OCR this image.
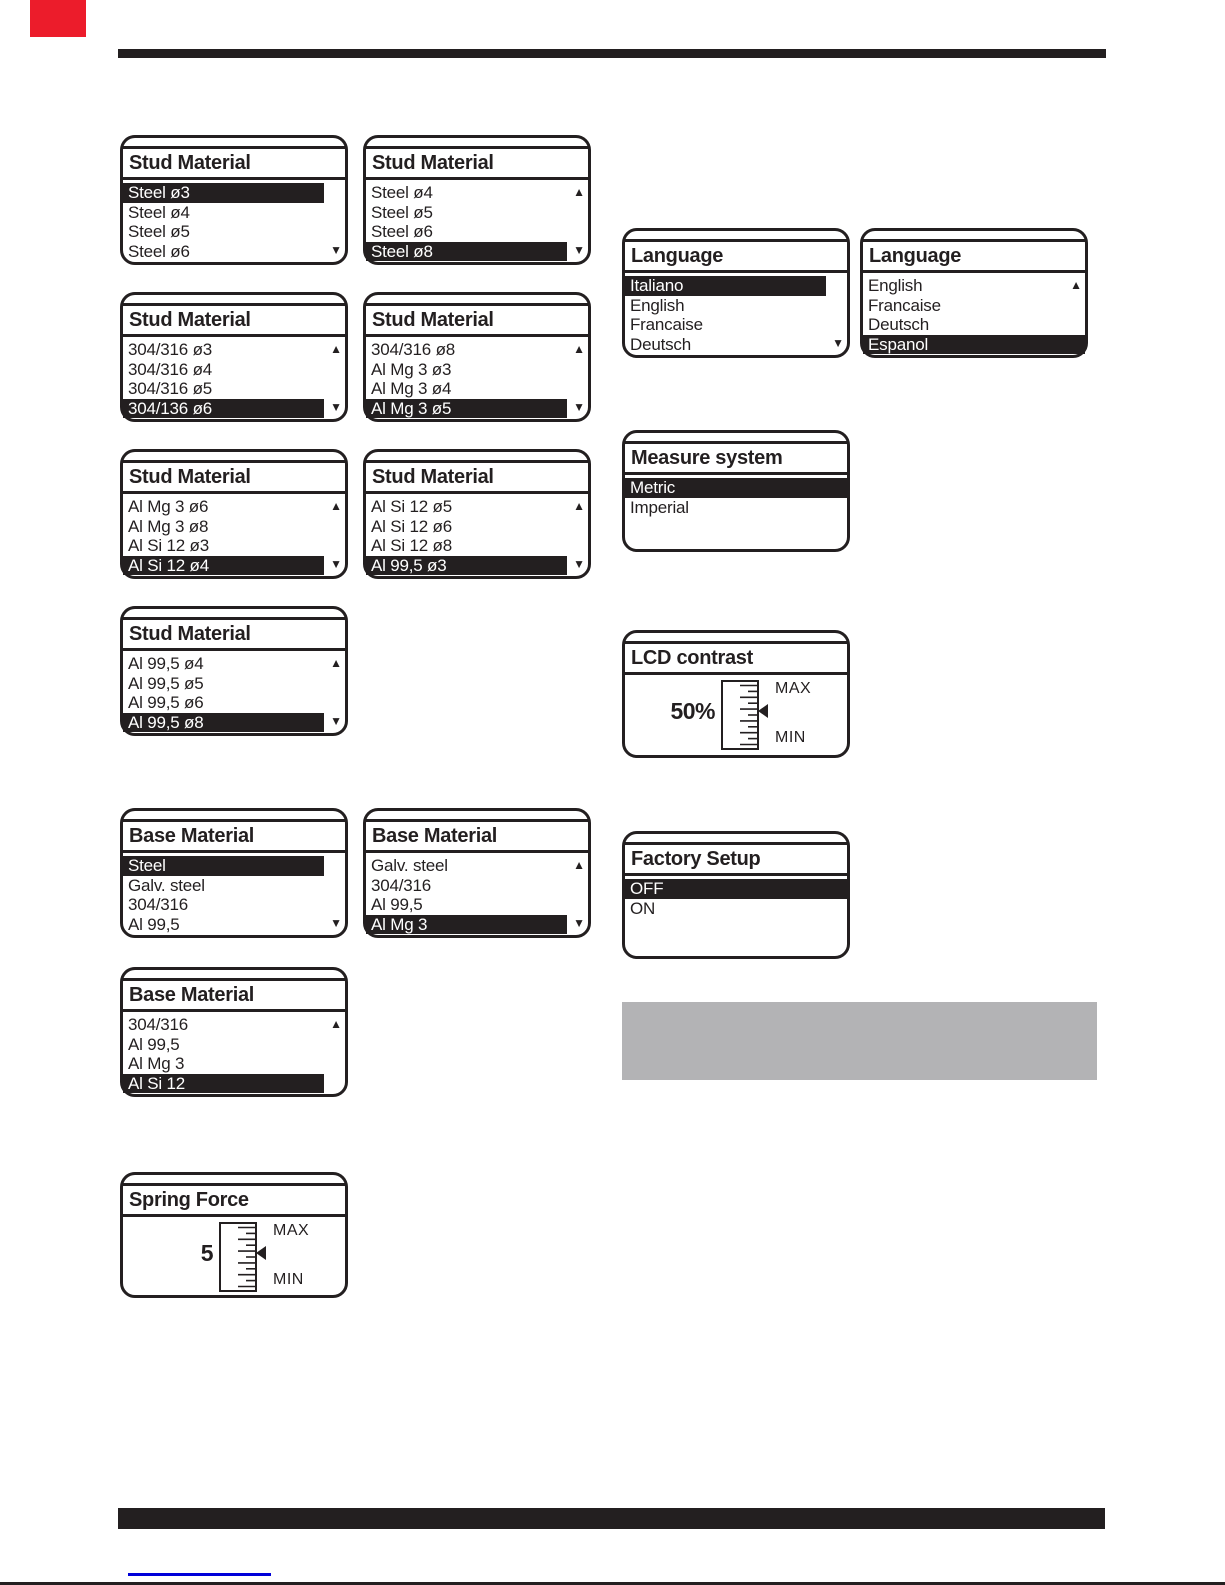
Stud Material
Steel ø3
Steel ø4
Steel ø5
Steel ø6	▼
Stud Material
Steel ø4	▲
Steel ø5
Steel ø6
Steel ø8	▼	Language
Italiano
English
Francaise
Deutsch	▼
Language
English	▲
Francaise
Deutsch
Espanol
Stud Material
304/316 ø3	▲
304/316 ø4
304/316 ø5
304/136 ø6	▼
Stud Material
304/316 ø8	▲
Al Mg 3 ø3
Al Mg 3 ø4
Al Mg 3 ø5	▼
Measure system
Metric
Imperial
Stud Material
Al Mg 3 ø6	▲
Al Mg 3 ø8
Al Si 12 ø3
Al Si 12 ø4	▼
Stud Material
Al Si 12 ø5	▲
Al Si 12 ø6
Al Si 12 ø8
Al 99,5 ø3	▼
Stud Material
Al 99,5 ø4	▲
Al 99,5 ø5
Al 99,5 ø6
Al 99,5 ø8	▼
LCD contrast
50%
MAX
MIN
Base Material
Steel
Galv. steel
304/316
Al 99,5	▼
Base Material
Galv. steel	▲
304/316
Al 99,5
Al Mg 3	▼
Factory Setup
OFF
ON
Base Material
304/316	▲
Al 99,5
Al Mg 3
Al Si 12
Spring Force
5
MAX
MIN
